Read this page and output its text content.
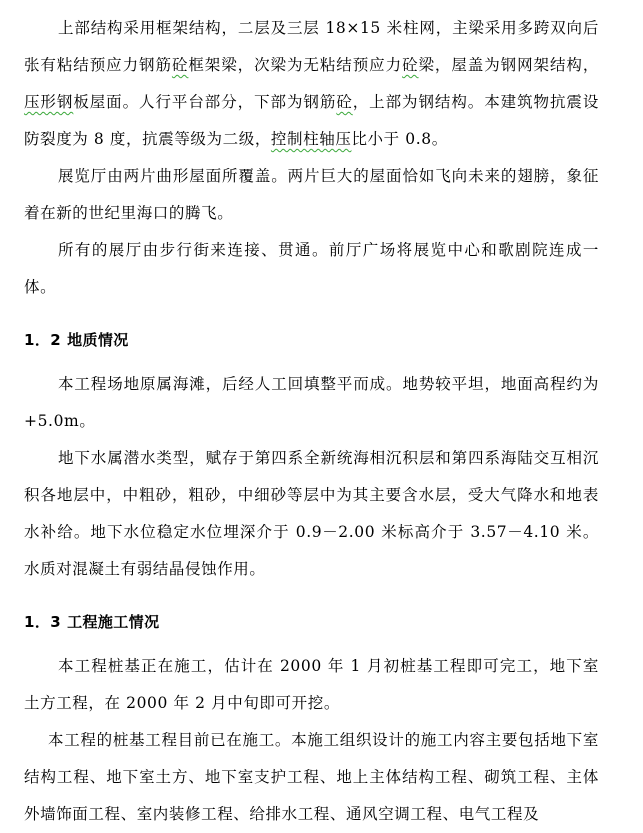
上部结构采用框架结构，二层及三层 18×15 米柱网，主梁采用多跨双向后张有粘结预应力钢筋砼框架梁，次梁为无粘结预应力砼梁，屋盖为钢网架结构，压形钢板屋面。人行平台部分，下部为钢筋砼，上部为钢结构。本建筑物抗震设防裂度为 8 度，抗震等级为二级，控制柱轴压比小于 0.8。

展览厅由两片曲形屋面所覆盖。两片巨大的屋面恰如飞向未来的翅膀，象征着在新的世纪里海口的腾飞。

所有的展厅由步行街来连接、贯通。前厅广场将展览中心和歌剧院连成一体。

1．2 地质情况

本工程场地原属海滩，后经人工回填整平而成。地势较平坦，地面高程约为+5.0m。

地下水属潜水类型，赋存于第四系全新统海相沉积层和第四系海陆交互相沉积各地层中，中粗砂，粗砂，中细砂等层中为其主要含水层，受大气降水和地表水补给。地下水位稳定水位埋深介于 0.9－2.00 米标高介于 3.57－4.10 米。水质对混凝土有弱结晶侵蚀作用。

1．3 工程施工情况

本工程桩基正在施工，估计在 2000 年 1 月初桩基工程即可完工，地下室土方工程，在 2000 年 2 月中旬即可开挖。

本工程的桩基工程目前已在施工。本施工组织设计的施工内容主要包括地下室结构工程、地下室土方、地下室支护工程、地上主体结构工程、砌筑工程、主体外墙饰面工程、室内装修工程、给排水工程、通风空调工程、电气工程及
